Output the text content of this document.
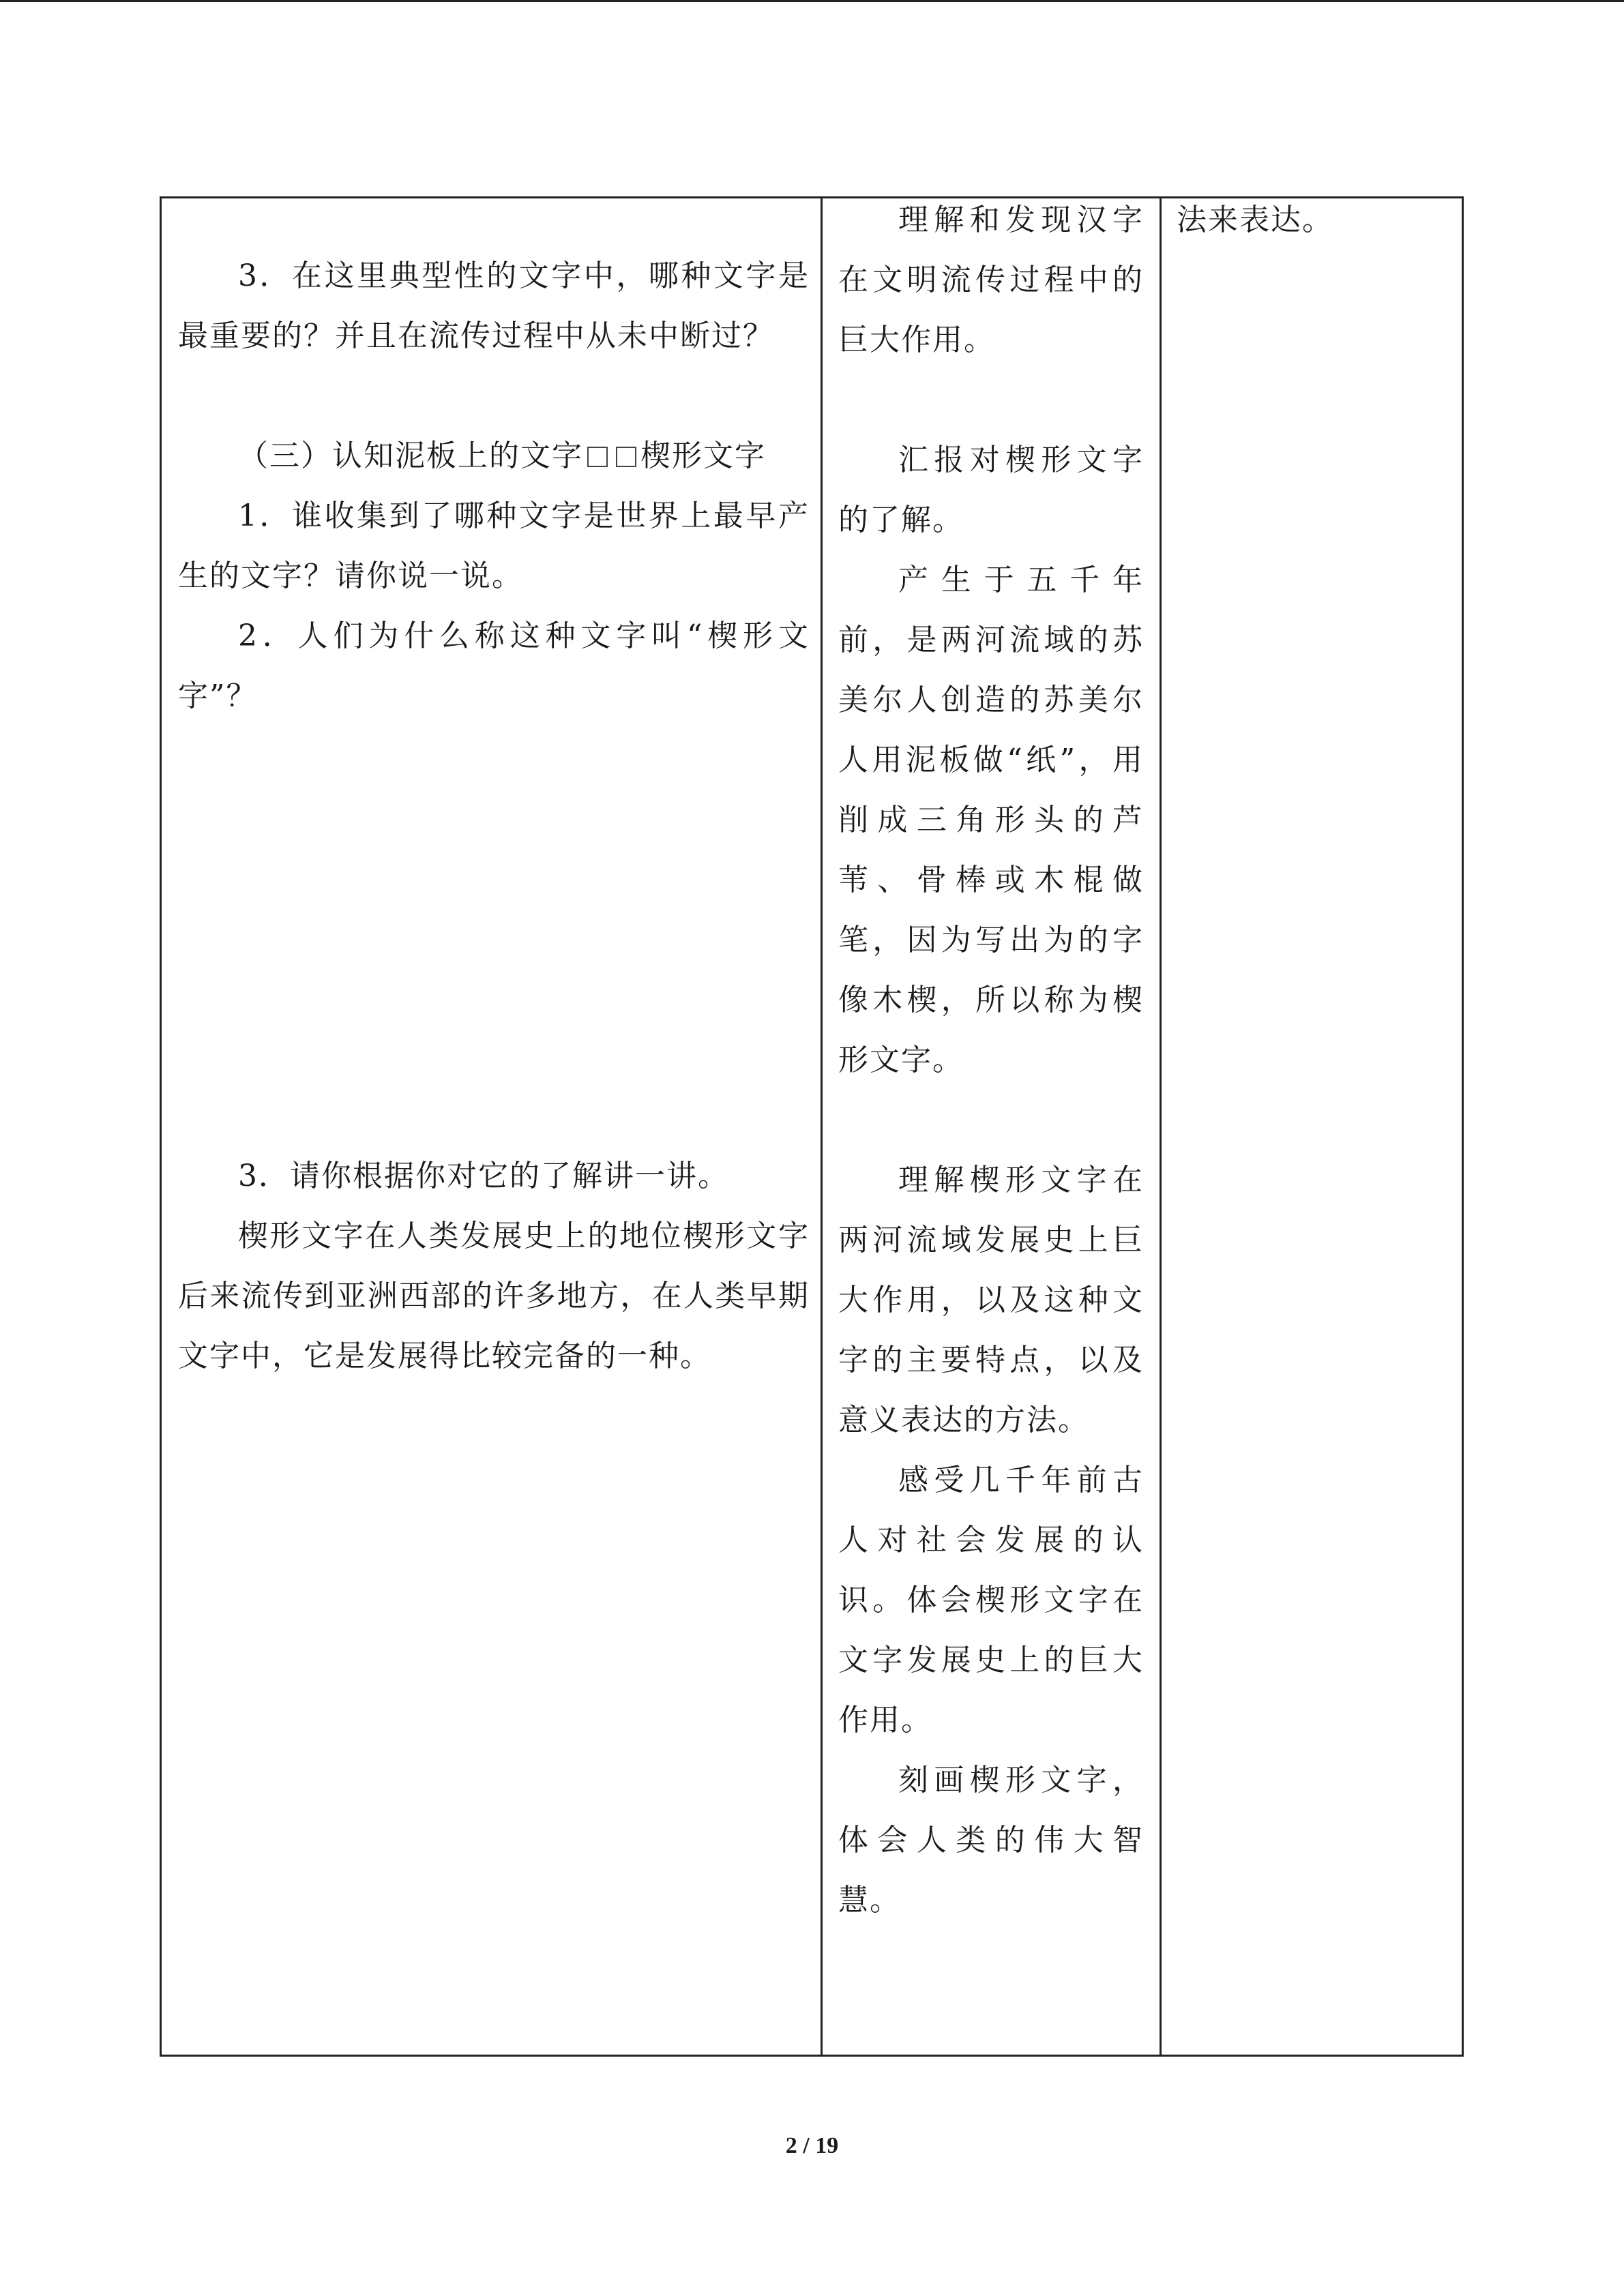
3．在这里典型性的文字中，哪种文字是最重要的？并且在流传过程中从未中断过？

（三）认知泥板上的文字 楔形文字

1．谁收集到了哪种文字是世界上最早产生的文字？请你说一说。

2．人们为什么称这种文字叫“楔形文字”？

3．请你根据你对它的了解讲一讲。

楔形文字在人类发展史上的地位楔形文字后来流传到亚洲西部的许多地方，在人类早期文字中，它是发展得比较完备的一种。

理解和发现汉字在文明流传过程中的巨大作用。

汇报对楔形文字的了解。

产生于五千年前，是两河流域的苏美尔人创造的苏美尔人用泥板做“纸”，用削成三角形头的芦苇、骨棒或木棍做笔，因为写出为的字像木楔，所以称为楔形文字。

理解楔形文字在两河流域发展史上巨大作用，以及这种文字的主要特点，以及意义表达的方法。

感受几千年前古人对社会发展的认识。体会楔形文字在文字发展史上的巨大作用。

刻画楔形文字，体会人类的伟大智慧。

法来表达。

2 / 19
